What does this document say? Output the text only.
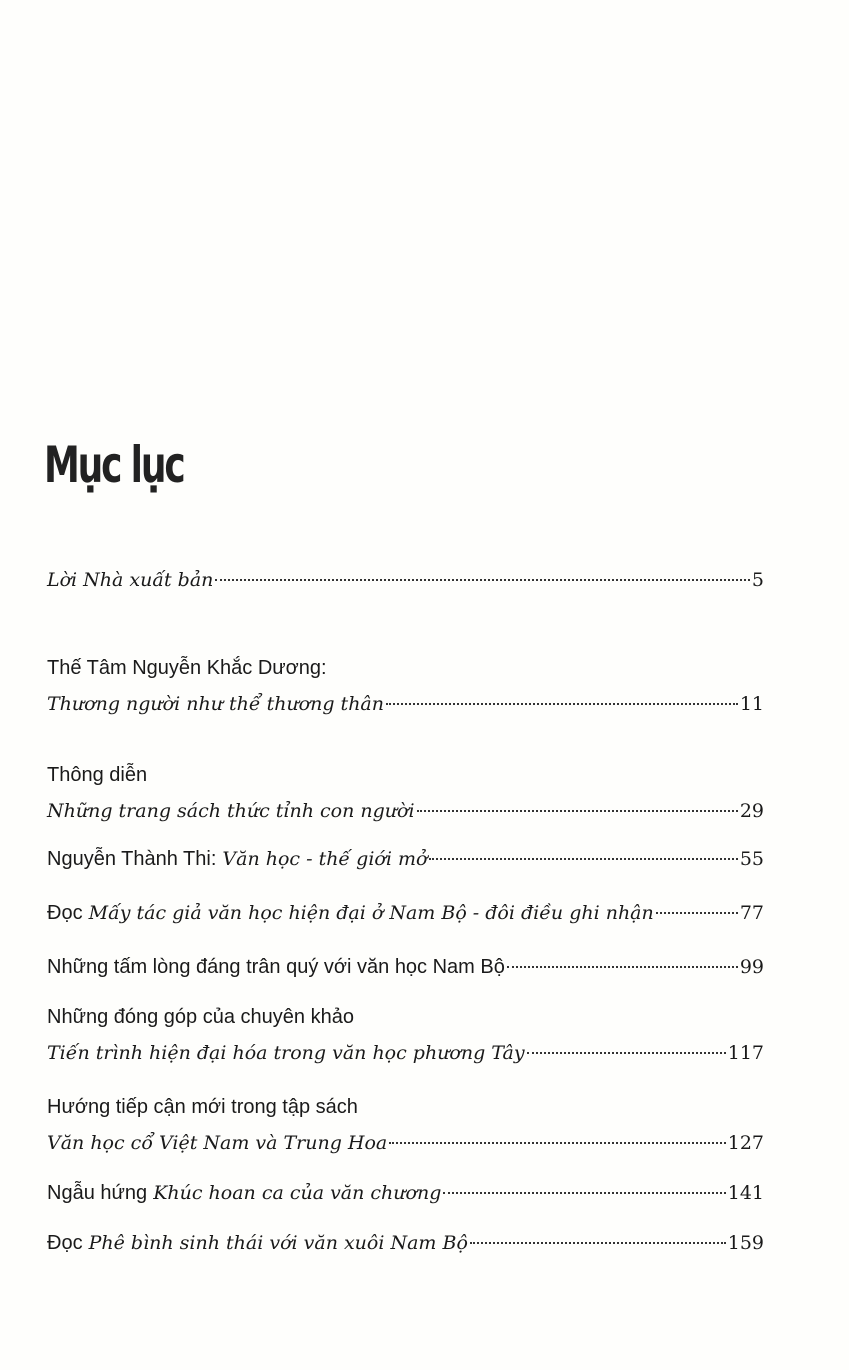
Mục lục
Lời Nhà xuất bản	5
Thế Tâm Nguyễn Khắc Dương:
Thương người như thể thương thân	11
Thông diễn
Những trang sách thức tỉnh con người	29
Nguyễn Thành Thi:
Văn học - thế giới mở	55
Đọc
Mấy tác giả văn học hiện đại ở Nam Bộ - đôi điều ghi nhận	77
Những tấm lòng đáng trân quý với văn học Nam Bộ	99
Những đóng góp của chuyên khảo
Tiến trình hiện đại hóa trong văn học phương Tây	117
Hướng tiếp cận mới trong tập sách
Văn học cổ Việt Nam và Trung Hoa	127
Ngẫu hứng
Khúc hoan ca của văn chương	141
Đọc
Phê bình sinh thái với văn xuôi Nam Bộ	159
